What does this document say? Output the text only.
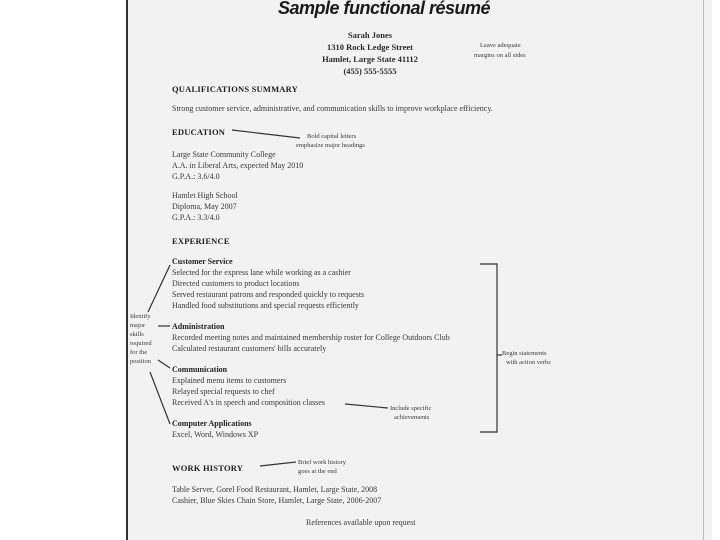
Sample functional résumé
Sarah Jones
1310 Rock Ledge Street
Hamlet, Large State 41112
(455) 555-5555
Leave adequate
margins on all sides
QUALIFICATIONS SUMMARY
Strong customer service, administrative, and communication skills to improve workplace efficiency.
EDUCATION	Bold capital letters
emphasize major headings
Large State Community College
A.A. in Liberal Arts, expected May 2010
G.P.A.: 3.6/4.0
Hamlet High School
Diploma, May 2007
G.P.A.: 3.3/4.0
EXPERIENCE
Customer Service
Selected for the express lane while working as a cashier
Directed customers to product locations
Served restaurant patrons and responded quickly to requests
Handled food substitutions and special requests efficiently
Administration
Recorded meeting notes and maintained membership roster for College Outdoors Club
Calculated restaurant customers' bills accurately
Communication
Explained menu items to customers
Relayed special requests to chef
Received A's in speech and composition classes
Computer Applications
Excel, Word, Windows XP
Identify
major
skills
required
for the
position
Begin statements
with action verbs
Include specific
achievements
WORK HISTORY
Brief work history
goes at the end
Table Server, Gorel Food Restaurant, Hamlet, Large State, 2008
Cashier, Blue Skies Chain Store, Hamlet, Large State, 2006-2007
References available upon request
